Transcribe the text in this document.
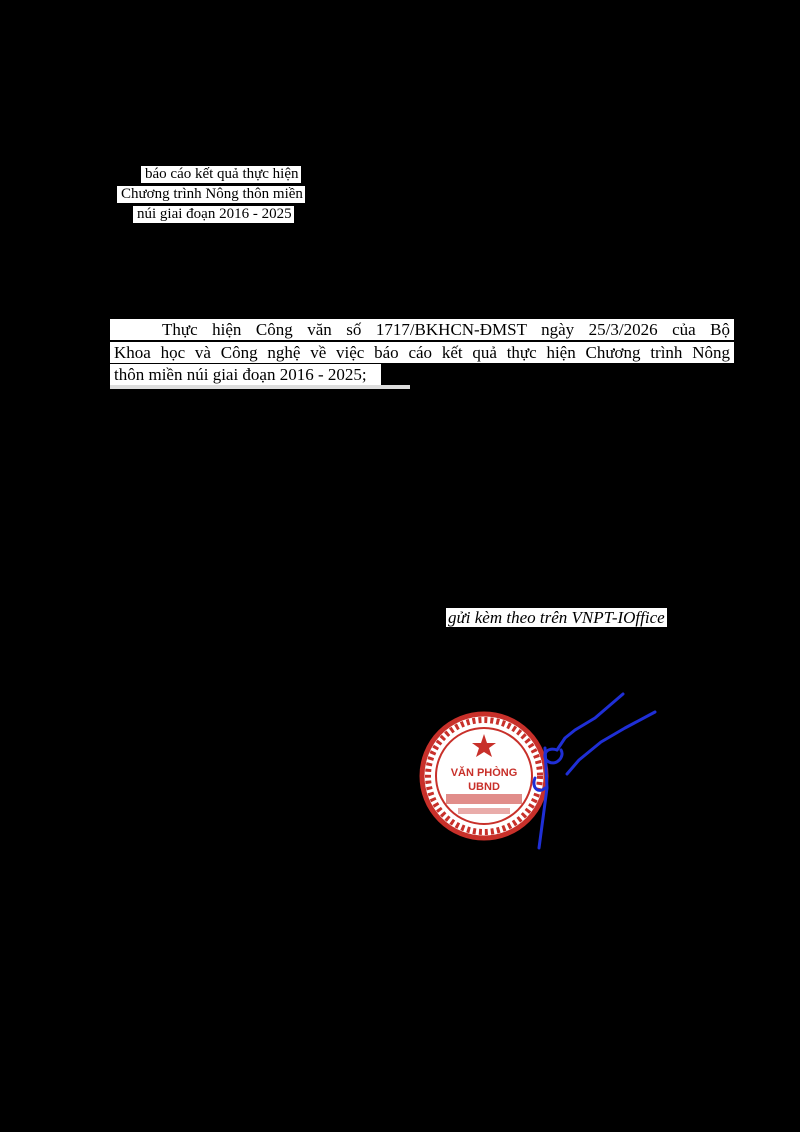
báo cáo kết quả thực hiện
Chương trình Nông thôn miền
núi giai đoạn 2016 - 2025
Thực hiện Công văn số 1717/BKHCN-ĐMST ngày 25/3/2026 của Bộ
Khoa học và Công nghệ về việc báo cáo kết quả thực hiện Chương trình Nông
thôn miền núi giai đoạn 2016 - 2025;
gửi kèm theo trên VNPT-IOffice
VĂN PHÒNG
UBND
